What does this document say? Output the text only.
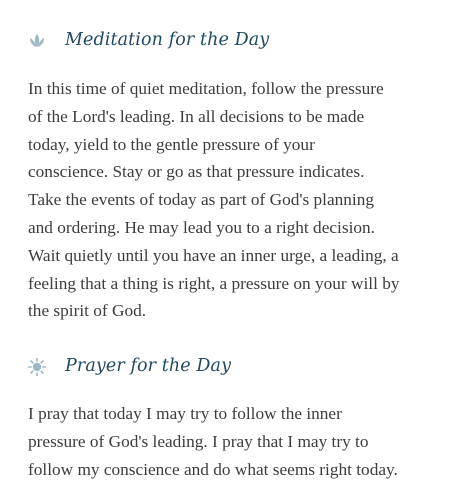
Meditation for the Day

In this time of quiet meditation, follow the pressure
of the Lord's leading. In all decisions to be made
today, yield to the gentle pressure of your
conscience. Stay or go as that pressure indicates.
Take the events of today as part of God's planning
and ordering. He may lead you to a right decision.
Wait quietly until you have an inner urge, a leading, a
feeling that a thing is right, a pressure on your will by
the spirit of God.

Prayer for the Day

I pray that today I may try to follow the inner
pressure of God's leading. I pray that I may try to
follow my conscience and do what seems right today.
